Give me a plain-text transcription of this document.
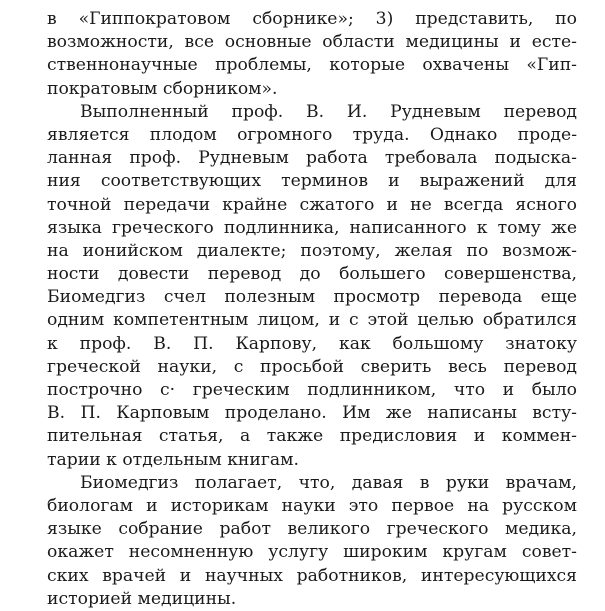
в «Гиппократовом сборнике»; 3) представить, по
возможности, все основные области медицины и есте-
ственнонаучные проблемы, которые охвачены «Гип-
пократовым сборником».
Выполненный проф. В. И. Рудневым перевод
является плодом огромного труда. Однако проде-
ланная проф. Рудневым работа требовала подыска-
ния соответствующих терминов и выражений для
точной передачи крайне сжатого и не всегда ясного
языка греческого подлинника, написанного к тому же
на ионийском диалекте; поэтому, желая по возмож-
ности довести перевод до большего совершенства,
Биомедгиз счел полезным просмотр перевода еще
одним компетентным лицом, и с этой целью обратился
к проф. В. П. Карпову, как большому знатоку
греческой науки, с просьбой сверить весь перевод
построчно с· греческим подлинником, что и было
В. П. Карповым проделано. Им же написаны всту-
пительная статья, а также предисловия и коммен-
тарии к отдельным книгам.
Биомедгиз полагает, что, давая в руки врачам,
биологам и историкам науки это первое на русском
языке собрание работ великого греческого медика,
окажет несомненную услугу широким кругам совет-
ских врачей и научных работников, интересующихся
историей медицины.
